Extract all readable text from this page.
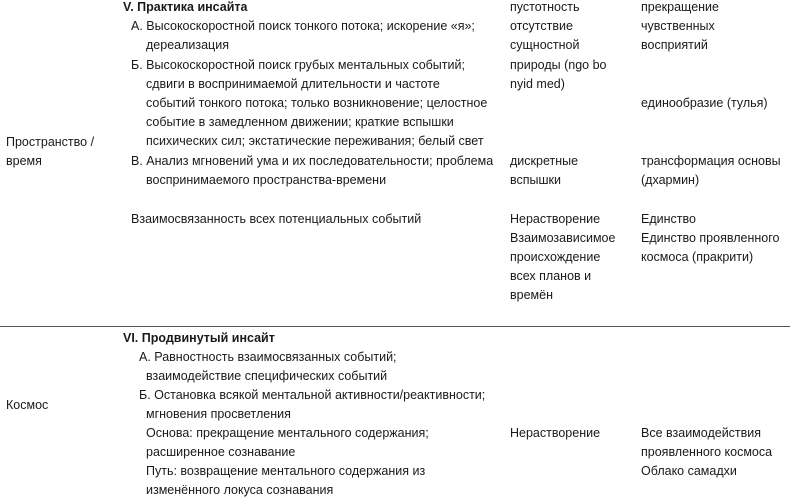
Пространство /
время
V. Практика инсайта
А. Высокоскоростной поиск тонкого потока; искорение «я»;
дереализация
Б. Высокоскоростной поиск грубых ментальных событий;
сдвиги в воспринимаемой длительности и частоте
событий тонкого потока; только возникновение; целостное
событие в замедленном движении; краткие вспышки
психических сил; экстатические переживания; белый свет
В. Анализ мгновений ума и их последовательности; проблема
воспринимаемого пространства-времени
Взаимосвязанность всех потенциальных событий
пустотность
отсутствие
сущностной
природы (ngo bo
nyid med)
дискретные
вспышки
Нерастворение
Взаимозависимое
происхождение
всех планов и
времён
прекращение
чувственных
восприятий
единообразие (тулья)
трансформация основы
(дхармин)
Единство
Единство проявленного
космоса (пракрити)
Космос
VI. Продвинутый инсайт
А. Равностность взаимосвязанных событий;
взаимодействие специфических событий
Б. Остановка всякой ментальной активности/реактивности;
мгновения просветления
Основа: прекращение ментального содержания;
расширенное сознавание
Путь: возвращение ментального содержания из
изменённого локуса сознавания
Нерастворение	Все взаимодействия
проявленного космоса
Облако самадхи
